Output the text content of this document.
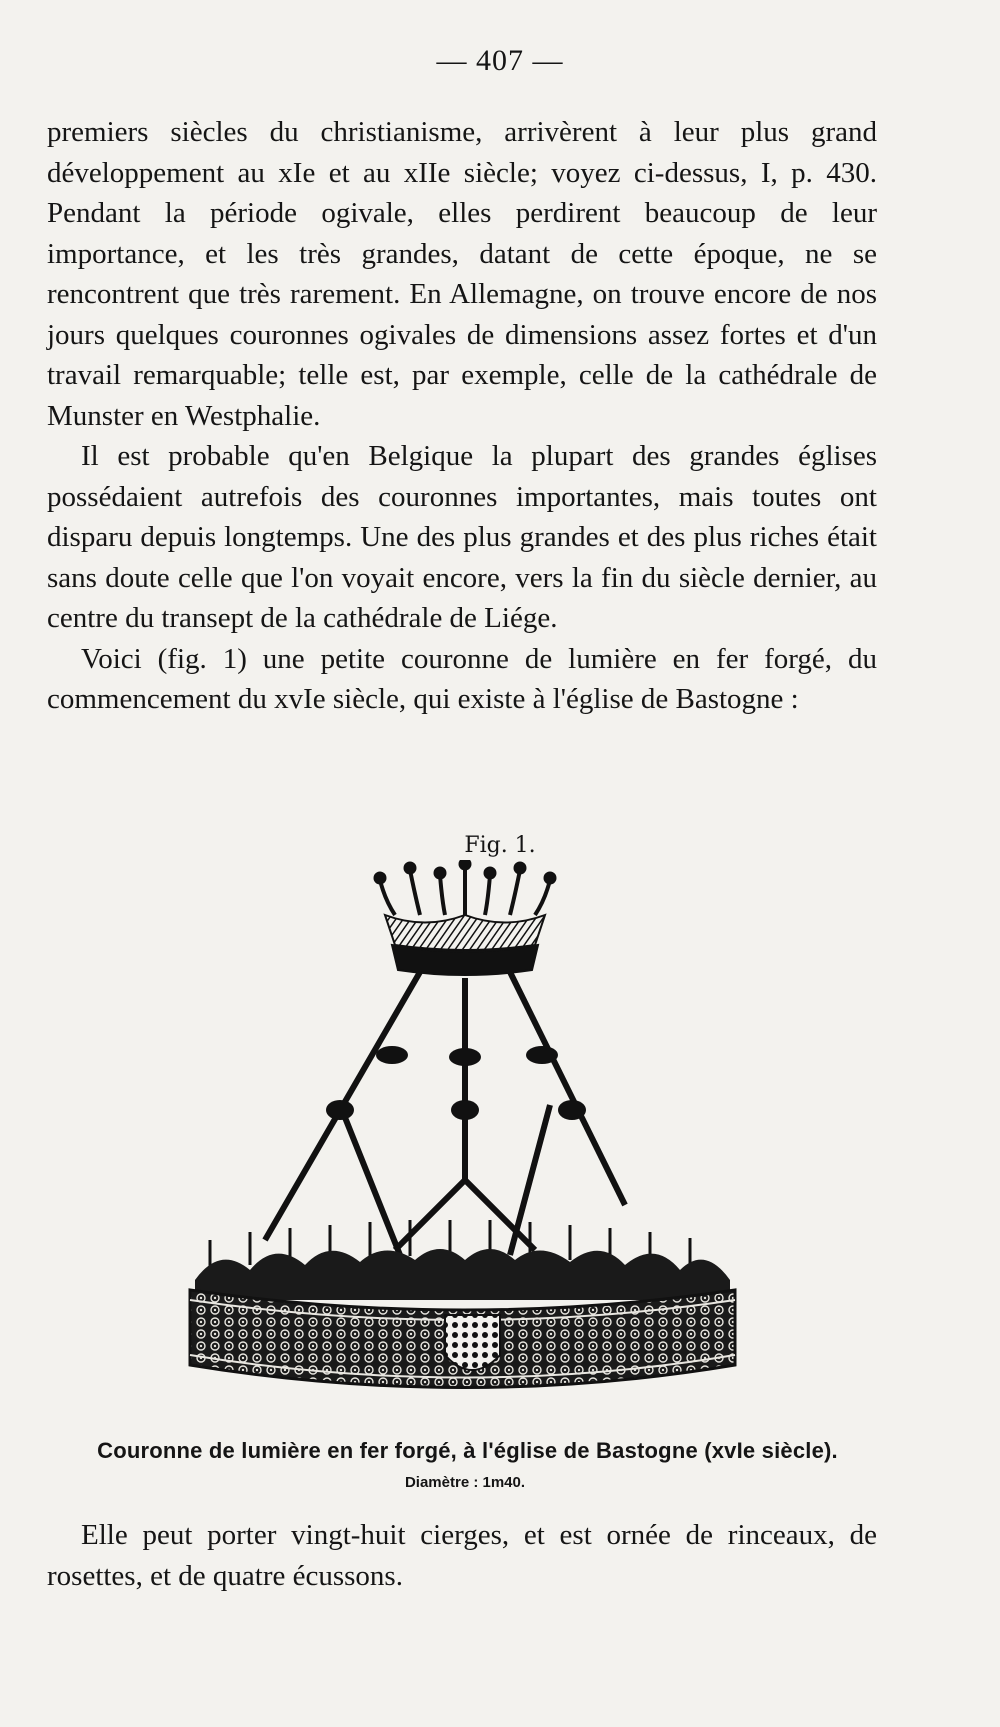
— 407 —

premiers siècles du christianisme, arrivèrent à leur plus grand développement au xIe et au xIIe siècle; voyez ci-dessus, I, p. 430. Pendant la période ogivale, elles perdirent beaucoup de leur importance, et les très grandes, datant de cette époque, ne se rencontrent que très rarement. En Allemagne, on trouve encore de nos jours quelques couronnes ogivales de dimensions assez fortes et d'un travail remarquable; telle est, par exemple, celle de la cathédrale de Munster en Westphalie.

Il est probable qu'en Belgique la plupart des grandes églises possédaient autrefois des couronnes importantes, mais toutes ont disparu depuis longtemps. Une des plus grandes et des plus riches était sans doute celle que l'on voyait encore, vers la fin du siècle dernier, au centre du transept de la cathédrale de Liége.

Voici (fig. 1) une petite couronne de lumière en fer forgé, du commencement du xvIe siècle, qui existe à l'église de Bastogne :

Fig. 1.
Couronne de lumière en fer forgé, à l'église de Bastogne (xvIe siècle).
Diamètre : 1m40.

Elle peut porter vingt-huit cierges, et est ornée de rinceaux, de rosettes, et de quatre écussons.
